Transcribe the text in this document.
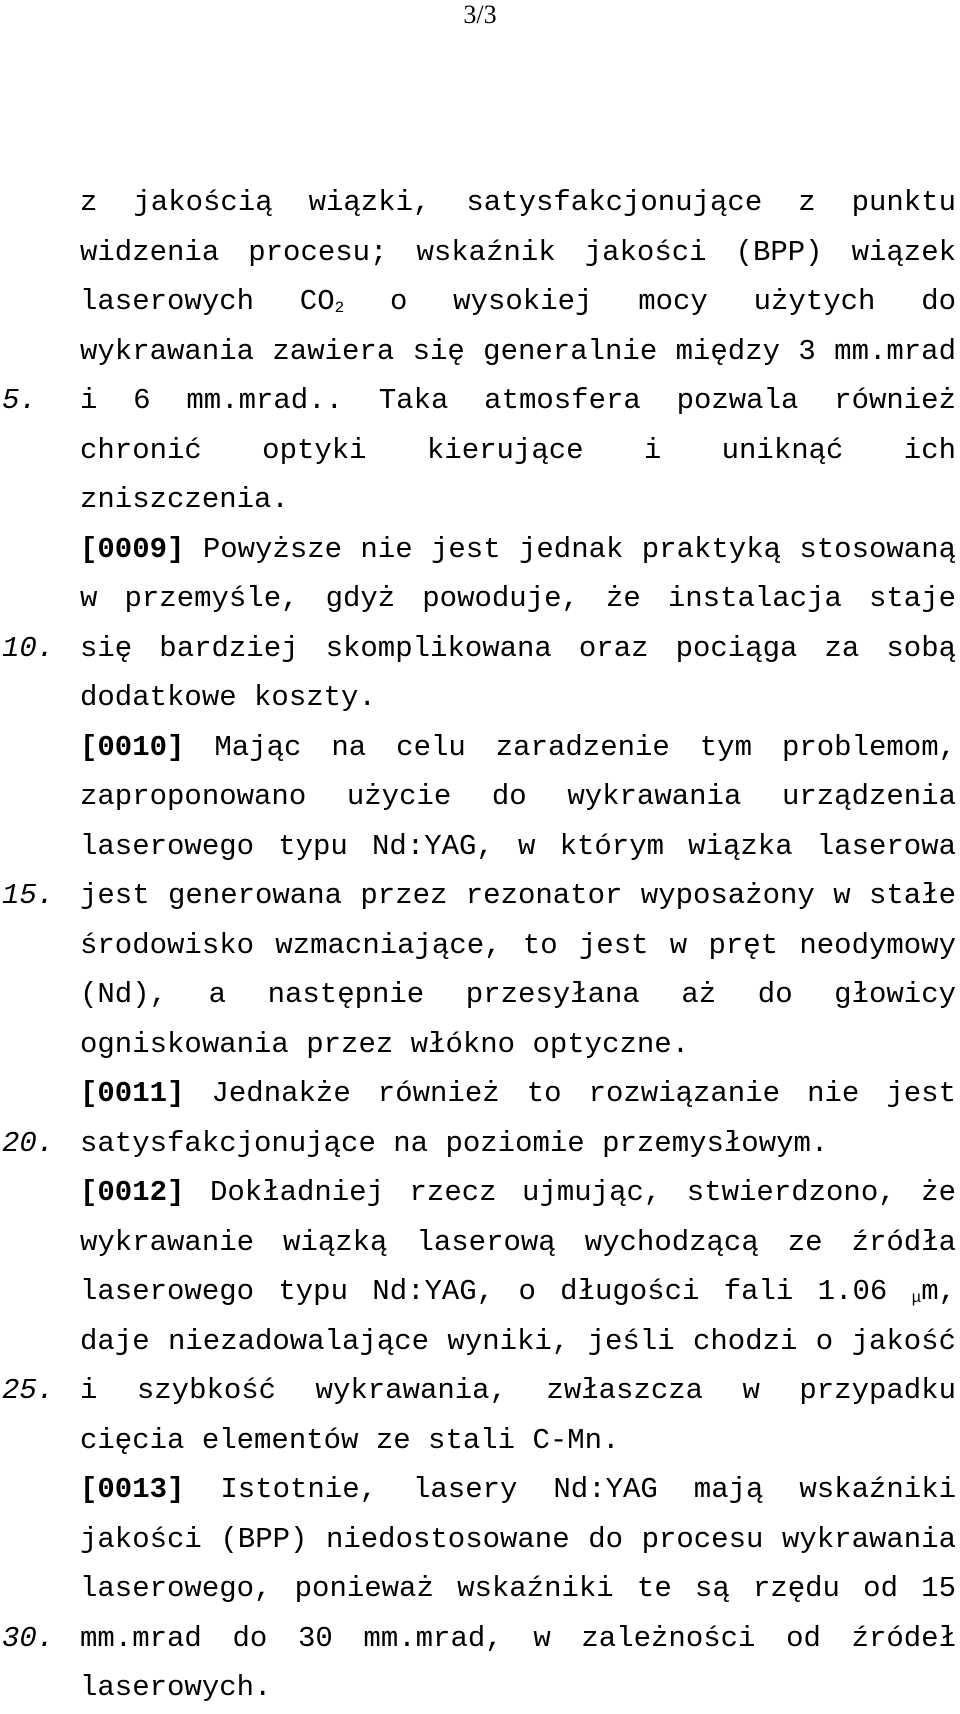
3/3
z jakością wiązki, satysfakcjonujące z punktu
widzenia procesu; wskaźnik jakości (BPP) wiązek
laserowych $CO_2$ o wysokiej mocy użytych do
wykrawania zawiera się generalnie między 3 mm.mrad
5. i 6 mm.mrad.. Taka atmosfera pozwala również
chronić optyki kierujące i uniknąć ich
zniszczenia.
[0009] Powyższe nie jest jednak praktyką stosowaną
w przemyśle, gdyż powoduje, że instalacja staje
10. się bardziej skomplikowana oraz pociąga za sobą
dodatkowe koszty.
[0010] Mając na celu zaradzenie tym problemom,
zaproponowano użycie do wykrawania urządzenia
laserowego typu Nd:YAG, w którym wiązka laserowa
15. jest generowana przez rezonator wyposażony w stałe
środowisko wzmacniające, to jest w pręt neodymowy
(Nd), a następnie przesyłana aż do głowicy
ogniskowania przez włókno optyczne.
[0011] Jednakże również to rozwiązanie nie jest
20. satysfakcjonujące na poziomie przemysłowym.
[0012] Dokładniej rzecz ujmując, stwierdzono, że
wykrawanie wiązką laserową wychodzącą ze źródła
laserowego typu Nd:YAG, o długości fali 1.06 $_\mu$m,
daje niezadowalające wyniki, jeśli chodzi o jakość
25. i szybkość wykrawania, zwłaszcza w przypadku
cięcia elementów ze stali C-Mn.
[0013] Istotnie, lasery Nd:YAG mają wskaźniki
jakości (BPP) niedostosowane do procesu wykrawania
laserowego, ponieważ wskaźniki te są rzędu od 15
30. mm.mrad do 30 mm.mrad, w zależności od źródeł
laserowych.
